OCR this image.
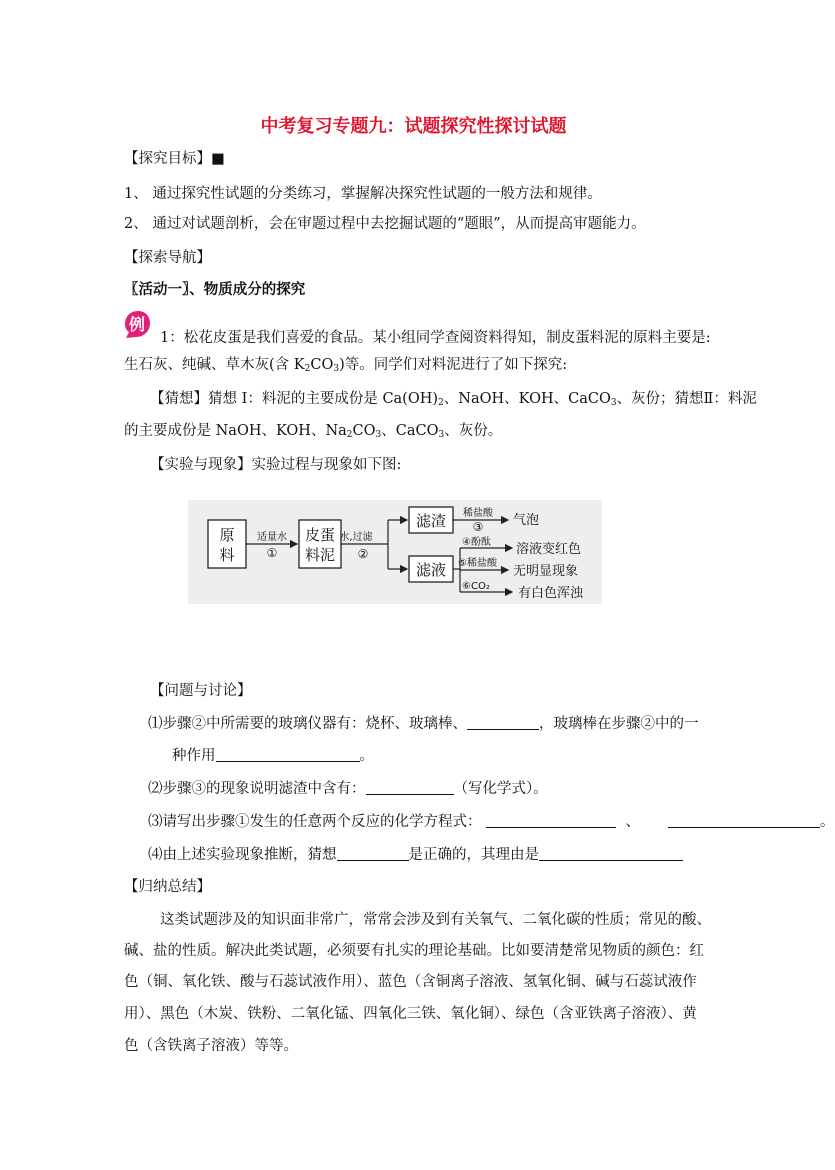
中考复习专题九：试题探究性探讨试题
【探究目标】■
1、 通过探究性试题的分类练习，掌握解决探究性试题的一般方法和规律。
2、 通过对试题剖析，会在审题过程中去挖掘试题的“题眼”，从而提高审题能力。
【探索导航】
〖活动一〗、物质成分的探究
例
1：松花皮蛋是我们喜爱的食品。某小组同学查阅资料得知，制皮蛋料泥的原料主要是:
生石灰、纯碱、草木灰(含 $K_2CO_3$)等。同学们对料泥进行了如下探究:
【猜想】猜想 I：料泥的主要成份是 $Ca(OH)_2$、NaOH、KOH、CaCO$_3$、灰份；猜想Ⅱ：料泥
的主要成份是 NaOH、KOH、$Na_2CO_3$、CaCO$_3$、灰份。
【实验与现象】实验过程与现象如下图:
原
料
皮蛋
料泥
滤渣
滤液
适量水
①
水,过滤
②
稀盐酸
③ 气泡
④酚酞 溶液变红色
⑤稀盐酸
无明显现象
⑥CO₂ 有白色浑浊
【问题与讨论】
⑴步骤②中所需要的玻璃仪器有：烧杯、玻璃棒、	，玻璃棒在步骤②中的一
种作用	。
⑵步骤③的现象说明滤渣中含有：	（写化学式）。
⑶请写出步骤①发生的任意两个反应的化学方程式：	、	。
⑷由上述实验现象推断，猜想	是正确的，其理由是
【归纳总结】
这类试题涉及的知识面非常广，常常会涉及到有关氧气、二氧化碳的性质；常见的酸、
碱、盐的性质。解决此类试题，必须要有扎实的理论基础。比如要清楚常见物质的颜色：红
色（铜、氧化铁、酸与石蕊试液作用）、蓝色（含铜离子溶液、氢氧化铜、碱与石蕊试液作
用）、黑色（木炭、铁粉、二氧化锰、四氧化三铁、氧化铜）、绿色（含亚铁离子溶液）、黄
色（含铁离子溶液）等等。
